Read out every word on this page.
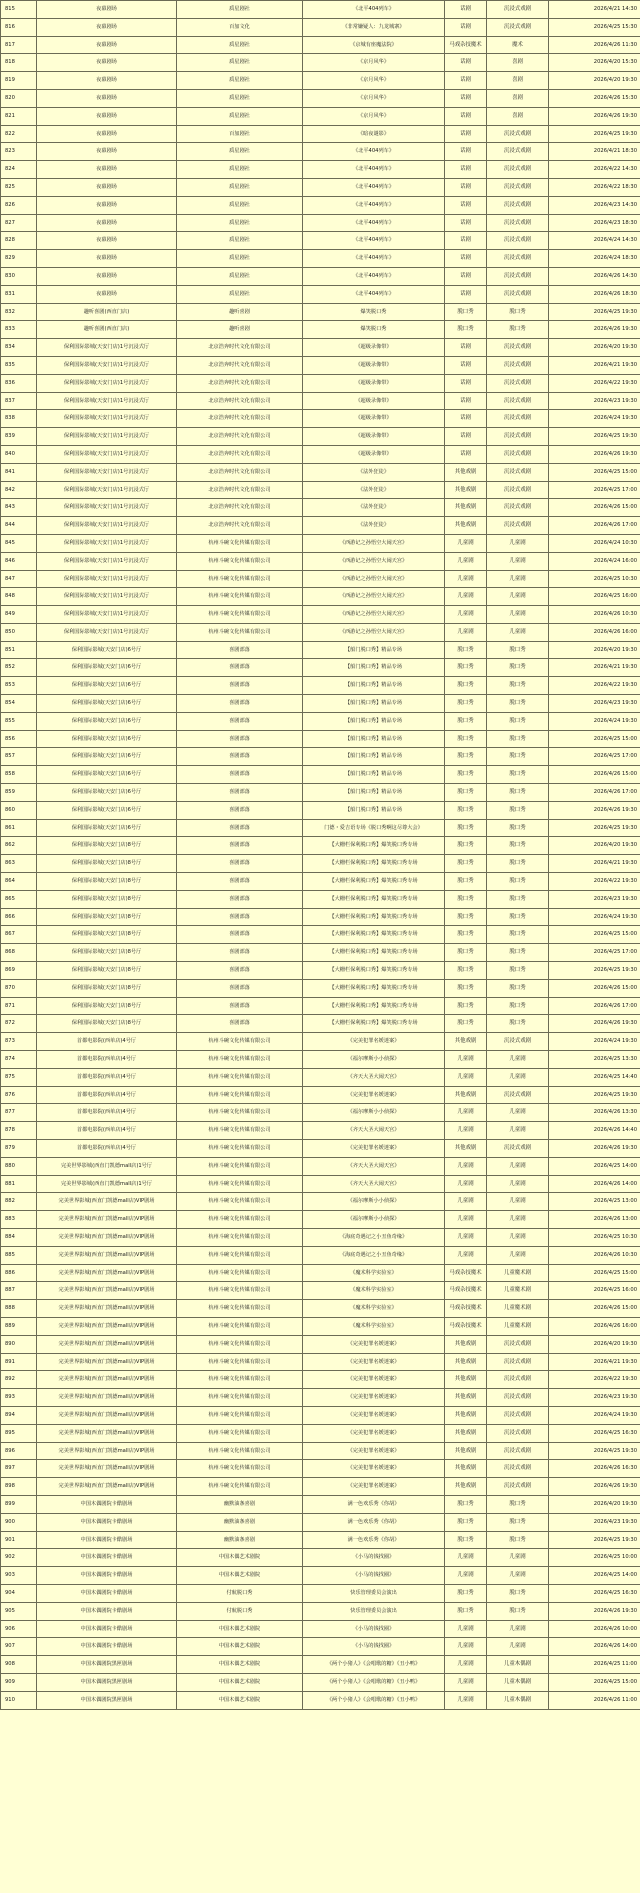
815	夜幕剧场	质星剧社	《北平404列车》	话剧	沉浸式戏剧	2026/4/21 14:30
816	夜幕剧场	百加文化	《非常嫌疑人：九龙城寨》	话剧	沉浸式戏剧	2026/4/25 15:30
817	夜幕剧场	质星剧社	《京城有座魔法院》	马戏杂技魔术	魔术	2026/4/26 11:30
818	夜幕剧场	质星剧社	《京月风华》	话剧	喜剧	2026/4/20 15:30
819	夜幕剧场	质星剧社	《京月风华》	话剧	喜剧	2026/4/20 19:30
820	夜幕剧场	质星剧社	《京月风华》	话剧	喜剧	2026/4/26 15:30
821	夜幕剧场	质星剧社	《京月风华》	话剧	喜剧	2026/4/26 19:30
822	夜幕剧场	百加剧社	《暗夜谜影》	话剧	沉浸式戏剧	2026/4/25 19:30
823	夜幕剧场	质星剧社	《北平404列车》	话剧	沉浸式戏剧	2026/4/21 18:30
824	夜幕剧场	质星剧社	《北平404列车》	话剧	沉浸式戏剧	2026/4/22 14:30
825	夜幕剧场	质星剧社	《北平404列车》	话剧	沉浸式戏剧	2026/4/22 18:30
826	夜幕剧场	质星剧社	《北平404列车》	话剧	沉浸式戏剧	2026/4/23 14:30
827	夜幕剧场	质星剧社	《北平404列车》	话剧	沉浸式戏剧	2026/4/23 18:30
828	夜幕剧场	质星剧社	《北平404列车》	话剧	沉浸式戏剧	2026/4/24 14:30
829	夜幕剧场	质星剧社	《北平404列车》	话剧	沉浸式戏剧	2026/4/24 18:30
830	夜幕剧场	质星剧社	《北平404列车》	话剧	沉浸式戏剧	2026/4/26 14:30
831	夜幕剧场	质星剧社	《北平404列车》	话剧	沉浸式戏剧	2026/4/26 18:30
832	趣听喜剧(西直门店)	趣听喜剧	爆笑脱口秀	脱口秀	脱口秀	2026/4/25 19:30
833	趣听喜剧(西直门店)	趣听喜剧	爆笑脱口秀	脱口秀	脱口秀	2026/4/26 19:30
834	保利国际影城(天安门店)1号沉浸式厅	北京浩奔时代文化有限公司	《超级录像带》	话剧	沉浸式戏剧	2026/4/20 19:30
835	保利国际影城(天安门店)1号沉浸式厅	北京浩奔时代文化有限公司	《超级录像带》	话剧	沉浸式戏剧	2026/4/21 19:30
836	保利国际影城(天安门店)1号沉浸式厅	北京浩奔时代文化有限公司	《超级录像带》	话剧	沉浸式戏剧	2026/4/22 19:30
837	保利国际影城(天安门店)1号沉浸式厅	北京浩奔时代文化有限公司	《超级录像带》	话剧	沉浸式戏剧	2026/4/23 19:30
838	保利国际影城(天安门店)1号沉浸式厅	北京浩奔时代文化有限公司	《超级录像带》	话剧	沉浸式戏剧	2026/4/24 19:30
839	保利国际影城(天安门店)1号沉浸式厅	北京浩奔时代文化有限公司	《超级录像带》	话剧	沉浸式戏剧	2026/4/25 19:30
840	保利国际影城(天安门店)1号沉浸式厅	北京浩奔时代文化有限公司	《超级录像带》	话剧	沉浸式戏剧	2026/4/26 19:30
841	保利国际影城(天安门店)1号沉浸式厅	北京浩奔时代文化有限公司	《法外狂徒》	其他戏剧	沉浸式戏剧	2026/4/25 15:00
842	保利国际影城(天安门店)1号沉浸式厅	北京浩奔时代文化有限公司	《法外狂徒》	其他戏剧	沉浸式戏剧	2026/4/25 17:00
843	保利国际影城(天安门店)1号沉浸式厅	北京浩奔时代文化有限公司	《法外狂徒》	其他戏剧	沉浸式戏剧	2026/4/26 15:00
844	保利国际影城(天安门店)1号沉浸式厅	北京浩奔时代文化有限公司	《法外狂徒》	其他戏剧	沉浸式戏剧	2026/4/26 17:00
845	保利国际影城(天安门店)1号沉浸式厅	杭州斗碗文化传媒有限公司	《西游记之孙悟空大闹天宫》	儿童剧	儿童剧	2026/4/24 10:30
846	保利国际影城(天安门店)1号沉浸式厅	杭州斗碗文化传媒有限公司	《西游记之孙悟空大闹天宫》	儿童剧	儿童剧	2026/4/24 16:00
847	保利国际影城(天安门店)1号沉浸式厅	杭州斗碗文化传媒有限公司	《西游记之孙悟空大闹天宫》	儿童剧	儿童剧	2026/4/25 10:30
848	保利国际影城(天安门店)1号沉浸式厅	杭州斗碗文化传媒有限公司	《西游记之孙悟空大闹天宫》	儿童剧	儿童剧	2026/4/25 16:00
849	保利国际影城(天安门店)1号沉浸式厅	杭州斗碗文化传媒有限公司	《西游记之孙悟空大闹天宫》	儿童剧	儿童剧	2026/4/26 10:30
850	保利国际影城(天安门店)1号沉浸式厅	杭州斗碗文化传媒有限公司	《西游记之孙悟空大闹天宫》	儿童剧	儿童剧	2026/4/26 16:00
851	保利国际影城(天安门店)6号厅	喜剧部落	【船门脱口秀】精品专场	脱口秀	脱口秀	2026/4/20 19:30
852	保利国际影城(天安门店)6号厅	喜剧部落	【船门脱口秀】精品专场	脱口秀	脱口秀	2026/4/21 19:30
853	保利国际影城(天安门店)6号厅	喜剧部落	【船门脱口秀】精品专场	脱口秀	脱口秀	2026/4/22 19:30
854	保利国际影城(天安门店)6号厅	喜剧部落	【船门脱口秀】精品专场	脱口秀	脱口秀	2026/4/23 19:30
855	保利国际影城(天安门店)6号厅	喜剧部落	【船门脱口秀】精品专场	脱口秀	脱口秀	2026/4/24 19:30
856	保利国际影城(天安门店)6号厅	喜剧部落	【船门脱口秀】精品专场	脱口秀	脱口秀	2026/4/25 15:00
857	保利国际影城(天安门店)6号厅	喜剧部落	【船门脱口秀】精品专场	脱口秀	脱口秀	2026/4/25 17:00
858	保利国际影城(天安门店)6号厅	喜剧部落	【船门脱口秀】精品专场	脱口秀	脱口秀	2026/4/26 15:00
859	保利国际影城(天安门店)6号厅	喜剧部落	【船门脱口秀】精品专场	脱口秀	脱口秀	2026/4/26 17:00
860	保利国际影城(天安门店)6号厅	喜剧部落	【船门脱口秀】精品专场	脱口秀	脱口秀	2026/4/26 19:30
861	保利国际影城(天安门店)6号厅	喜剧部落	门德・爱吉语专场《脱口秀啊这尽尊大会》	脱口秀	脱口秀	2026/4/25 19:30
862	保利国际影城(天安门店)8号厅	喜剧部落	【大栅栏保利脱口秀】爆笑脱口秀专场	脱口秀	脱口秀	2026/4/20 19:30
863	保利国际影城(天安门店)8号厅	喜剧部落	【大栅栏保利脱口秀】爆笑脱口秀专场	脱口秀	脱口秀	2026/4/21 19:30
864	保利国际影城(天安门店)8号厅	喜剧部落	【大栅栏保利脱口秀】爆笑脱口秀专场	脱口秀	脱口秀	2026/4/22 19:30
865	保利国际影城(天安门店)8号厅	喜剧部落	【大栅栏保利脱口秀】爆笑脱口秀专场	脱口秀	脱口秀	2026/4/23 19:30
866	保利国际影城(天安门店)8号厅	喜剧部落	【大栅栏保利脱口秀】爆笑脱口秀专场	脱口秀	脱口秀	2026/4/24 19:30
867	保利国际影城(天安门店)8号厅	喜剧部落	【大栅栏保利脱口秀】爆笑脱口秀专场	脱口秀	脱口秀	2026/4/25 15:00
868	保利国际影城(天安门店)8号厅	喜剧部落	【大栅栏保利脱口秀】爆笑脱口秀专场	脱口秀	脱口秀	2026/4/25 17:00
869	保利国际影城(天安门店)8号厅	喜剧部落	【大栅栏保利脱口秀】爆笑脱口秀专场	脱口秀	脱口秀	2026/4/25 19:30
870	保利国际影城(天安门店)8号厅	喜剧部落	【大栅栏保利脱口秀】爆笑脱口秀专场	脱口秀	脱口秀	2026/4/26 15:00
871	保利国际影城(天安门店)8号厅	喜剧部落	【大栅栏保利脱口秀】爆笑脱口秀专场	脱口秀	脱口秀	2026/4/26 17:00
872	保利国际影城(天安门店)8号厅	喜剧部落	【大栅栏保利脱口秀】爆笑脱口秀专场	脱口秀	脱口秀	2026/4/26 19:30
873	首都电影院(西单店)4号厅	杭州斗碗文化传媒有限公司	《完美犯罪名媛迷案》	其他戏剧	沉浸式戏剧	2026/4/24 19:30
874	首都电影院(西单店)4号厅	杭州斗碗文化传媒有限公司	《福尔摩斯小小侦探》	儿童剧	儿童剧	2026/4/25 13:30
875	首都电影院(西单店)4号厅	杭州斗碗文化传媒有限公司	《齐天大圣大闹天宫》	儿童剧	儿童剧	2026/4/25 14:40
876	首都电影院(西单店)4号厅	杭州斗碗文化传媒有限公司	《完美犯罪名媛迷案》	其他戏剧	沉浸式戏剧	2026/4/25 19:30
877	首都电影院(西单店)4号厅	杭州斗碗文化传媒有限公司	《福尔摩斯小小侦探》	儿童剧	儿童剧	2026/4/26 13:30
878	首都电影院(西单店)4号厅	杭州斗碗文化传媒有限公司	《齐天大圣大闹天宫》	儿童剧	儿童剧	2026/4/26 14:40
879	首都电影院(西单店)4号厅	杭州斗碗文化传媒有限公司	《完美犯罪名媛迷案》	其他戏剧	沉浸式戏剧	2026/4/26 19:30
880	完美世界影城(西直门凯德mall店)1号厅	杭州斗碗文化传媒有限公司	《齐天大圣大闹天宫》	儿童剧	儿童剧	2026/4/25 14:00
881	完美世界影城(西直门凯德mall店)1号厅	杭州斗碗文化传媒有限公司	《齐天大圣大闹天宫》	儿童剧	儿童剧	2026/4/26 14:00
882	完美世界影城(西直门凯德mall店)VIP剧场	杭州斗碗文化传媒有限公司	《福尔摩斯小小侦探》	儿童剧	儿童剧	2026/4/25 13:00
883	完美世界影城(西直门凯德mall店)VIP剧场	杭州斗碗文化传媒有限公司	《福尔摩斯小小侦探》	儿童剧	儿童剧	2026/4/26 13:00
884	完美世界影城(西直门凯德mall店)VIP剧场	杭州斗碗文化传媒有限公司	《海底奇遇记之小丑鱼奇缘》	儿童剧	儿童剧	2026/4/25 10:30
885	完美世界影城(西直门凯德mall店)VIP剧场	杭州斗碗文化传媒有限公司	《海底奇遇记之小丑鱼奇缘》	儿童剧	儿童剧	2026/4/26 10:30
886	完美世界影城(西直门凯德mall店)VIP剧场	杭州斗碗文化传媒有限公司	《魔术科学实验室》	马戏杂技魔术	儿童魔术剧	2026/4/25 15:00
887	完美世界影城(西直门凯德mall店)VIP剧场	杭州斗碗文化传媒有限公司	《魔术科学实验室》	马戏杂技魔术	儿童魔术剧	2026/4/25 16:00
888	完美世界影城(西直门凯德mall店)VIP剧场	杭州斗碗文化传媒有限公司	《魔术科学实验室》	马戏杂技魔术	儿童魔术剧	2026/4/26 15:00
889	完美世界影城(西直门凯德mall店)VIP剧场	杭州斗碗文化传媒有限公司	《魔术科学实验室》	马戏杂技魔术	儿童魔术剧	2026/4/26 16:00
890	完美世界影城(西直门凯德mall店)VIP剧场	杭州斗碗文化传媒有限公司	《完美犯罪名媛迷案》	其他戏剧	沉浸式戏剧	2026/4/20 19:30
891	完美世界影城(西直门凯德mall店)VIP剧场	杭州斗碗文化传媒有限公司	《完美犯罪名媛迷案》	其他戏剧	沉浸式戏剧	2026/4/21 19:30
892	完美世界影城(西直门凯德mall店)VIP剧场	杭州斗碗文化传媒有限公司	《完美犯罪名媛迷案》	其他戏剧	沉浸式戏剧	2026/4/22 19:30
893	完美世界影城(西直门凯德mall店)VIP剧场	杭州斗碗文化传媒有限公司	《完美犯罪名媛迷案》	其他戏剧	沉浸式戏剧	2026/4/23 19:30
894	完美世界影城(西直门凯德mall店)VIP剧场	杭州斗碗文化传媒有限公司	《完美犯罪名媛迷案》	其他戏剧	沉浸式戏剧	2026/4/24 19:30
895	完美世界影城(西直门凯德mall店)VIP剧场	杭州斗碗文化传媒有限公司	《完美犯罪名媛迷案》	其他戏剧	沉浸式戏剧	2026/4/25 16:30
896	完美世界影城(西直门凯德mall店)VIP剧场	杭州斗碗文化传媒有限公司	《完美犯罪名媛迷案》	其他戏剧	沉浸式戏剧	2026/4/25 19:30
897	完美世界影城(西直门凯德mall店)VIP剧场	杭州斗碗文化传媒有限公司	《完美犯罪名媛迷案》	其他戏剧	沉浸式戏剧	2026/4/26 16:30
898	完美世界影城(西直门凯德mall店)VIP剧场	杭州斗碗文化传媒有限公司	《完美犯罪名媛迷案》	其他戏剧	沉浸式戏剧	2026/4/26 19:30
899	中国木偶剧院卡酷剧场	幽默油条喜剧	满一色欢乐秀《你胡》	脱口秀	脱口秀	2026/4/20 19:30
900	中国木偶剧院卡酷剧场	幽默油条喜剧	满一色欢乐秀《你胡》	脱口秀	脱口秀	2026/4/23 19:30
901	中国木偶剧院卡酷剧场	幽默油条喜剧	满一色欢乐秀《你胡》	脱口秀	脱口秀	2026/4/25 19:30
902	中国木偶剧院卡酷剧场	中国木偶艺术剧院	《小马的钱找圈》	儿童剧	儿童剧	2026/4/25 10:00
903	中国木偶剧院卡酷剧场	中国木偶艺术剧院	《小马的钱找圈》	儿童剧	儿童剧	2026/4/25 14:00
904	中国木偶剧院卡酷剧场	付航脱口秀	快乐管理委员会演出	脱口秀	脱口秀	2026/4/25 16:30
905	中国木偶剧院卡酷剧场	付航脱口秀	快乐管理委员会演出	脱口秀	脱口秀	2026/4/26 19:30
906	中国木偶剧院卡酷剧场	中国木偶艺术剧院	《小马的钱找圈》	儿童剧	儿童剧	2026/4/26 10:00
907	中国木偶剧院卡酷剧场	中国木偶艺术剧院	《小马的钱找圈》	儿童剧	儿童剧	2026/4/26 14:00
908	中国木偶剧院黑匣剧场	中国木偶艺术剧院	《两个小猪人》《会唱歌的糖》《丑小鸭》	儿童剧	儿童木偶剧	2026/4/25 11:00
909	中国木偶剧院黑匣剧场	中国木偶艺术剧院	《两个小猪人》《会唱歌的糖》《丑小鸭》	儿童剧	儿童木偶剧	2026/4/25 15:00
910	中国木偶剧院黑匣剧场	中国木偶艺术剧院	《两个小猪人》《会唱歌的糖》《丑小鸭》	儿童剧	儿童木偶剧	2026/4/26 11:00
